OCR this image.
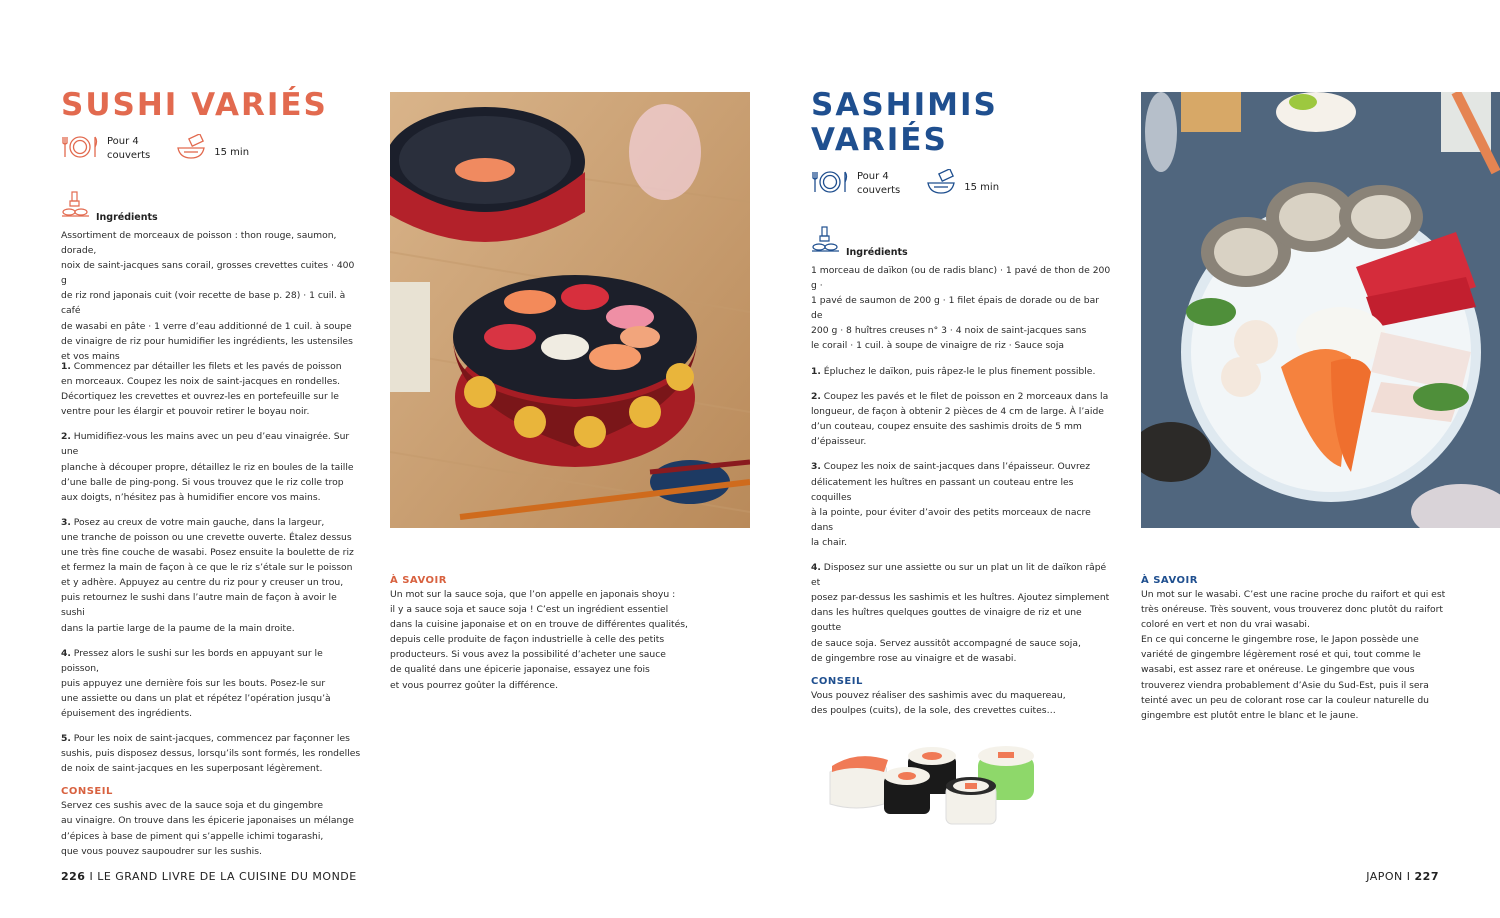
SUSHI VARIÉS
Pour 4
couverts	15 min
Ingrédients
Assortiment de morceaux de poisson : thon rouge, saumon, dorade,
noix de saint-jacques sans corail, grosses crevettes cuites · 400 g
de riz rond japonais cuit (voir recette de base p. 28) · 1 cuil. à café
de wasabi en pâte · 1 verre d’eau additionné de 1 cuil. à soupe
de vinaigre de riz pour humidifier les ingrédients, les ustensiles
et vos mains
1. Commencez par détailler les filets et les pavés de poisson
en morceaux. Coupez les noix de saint-jacques en rondelles.
Décortiquez les crevettes et ouvrez-les en portefeuille sur le
ventre pour les élargir et pouvoir retirer le boyau noir.
2. Humidifiez-vous les mains avec un peu d’eau vinaigrée. Sur une
planche à découper propre, détaillez le riz en boules de la taille
d’une balle de ping-pong. Si vous trouvez que le riz colle trop
aux doigts, n’hésitez pas à humidifier encore vos mains.
3. Posez au creux de votre main gauche, dans la largeur,
une tranche de poisson ou une crevette ouverte. Étalez dessus
une très fine couche de wasabi. Posez ensuite la boulette de riz
et fermez la main de façon à ce que le riz s’étale sur le poisson
et y adhère. Appuyez au centre du riz pour y creuser un trou,
puis retournez le sushi dans l’autre main de façon à avoir le sushi
dans la partie large de la paume de la main droite.
4. Pressez alors le sushi sur les bords en appuyant sur le poisson,
puis appuyez une dernière fois sur les bouts. Posez-le sur
une assiette ou dans un plat et répétez l’opération jusqu’à
épuisement des ingrédients.
5. Pour les noix de saint-jacques, commencez par façonner les
sushis, puis disposez dessus, lorsqu’ils sont formés, les rondelles
de noix de saint-jacques en les superposant légèrement.
CONSEIL
Servez ces sushis avec de la sauce soja et du gingembre
au vinaigre. On trouve dans les épicerie japonaises un mélange
d’épices à base de piment qui s’appelle ichimi togarashi,
que vous pouvez saupoudrer sur les sushis.
À SAVOIR
Un mot sur la sauce soja, que l’on appelle en japonais shoyu :
il y a sauce soja et sauce soja ! C’est un ingrédient essentiel
dans la cuisine japonaise et on en trouve de différentes qualités,
depuis celle produite de façon industrielle à celle des petits
producteurs. Si vous avez la possibilité d’acheter une sauce
de qualité dans une épicerie japonaise, essayez une fois
et vous pourrez goûter la différence.
226 I LE GRAND LIVRE DE LA CUISINE DU MONDE
SASHIMIS
VARIÉS
Pour 4
couverts	15 min
Ingrédients
1 morceau de daïkon (ou de radis blanc) · 1 pavé de thon de 200 g ·
1 pavé de saumon de 200 g · 1 filet épais de dorade ou de bar de
200 g · 8 huîtres creuses n° 3 · 4 noix de saint-jacques sans
le corail · 1 cuil. à soupe de vinaigre de riz · Sauce soja
1. Épluchez le daïkon, puis râpez-le le plus finement possible.
2. Coupez les pavés et le filet de poisson en 2 morceaux dans la
longueur, de façon à obtenir 2 pièces de 4 cm de large. À l’aide
d’un couteau, coupez ensuite des sashimis droits de 5 mm
d’épaisseur.
3. Coupez les noix de saint-jacques dans l’épaisseur. Ouvrez
délicatement les huîtres en passant un couteau entre les coquilles
à la pointe, pour éviter d’avoir des petits morceaux de nacre dans
la chair.
4. Disposez sur une assiette ou sur un plat un lit de daïkon râpé et
posez par-dessus les sashimis et les huîtres. Ajoutez simplement
dans les huîtres quelques gouttes de vinaigre de riz et une goutte
de sauce soja. Servez aussitôt accompagné de sauce soja,
de gingembre rose au vinaigre et de wasabi.
CONSEIL
Vous pouvez réaliser des sashimis avec du maquereau,
des poulpes (cuits), de la sole, des crevettes cuites…
À SAVOIR
Un mot sur le wasabi. C’est une racine proche du raifort et qui est
très onéreuse. Très souvent, vous trouverez donc plutôt du raifort
coloré en vert et non du vrai wasabi.
En ce qui concerne le gingembre rose, le Japon possède une
variété de gingembre légèrement rosé et qui, tout comme le
wasabi, est assez rare et onéreuse. Le gingembre que vous
trouverez viendra probablement d’Asie du Sud-Est, puis il sera
teinté avec un peu de colorant rose car la couleur naturelle du
gingembre est plutôt entre le blanc et le jaune.
JAPON I 227
